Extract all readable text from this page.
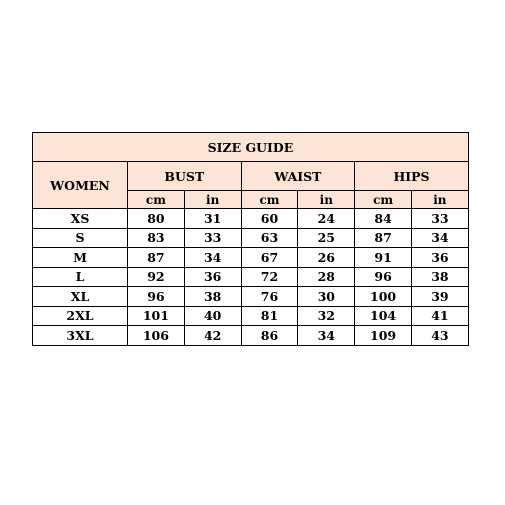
SIZE GUIDE						
WOMEN	BUST		WAIST		HIPS	
	cm	in	cm	in	cm	in
XS	80	31	60	24	84	33
S	83	33	63	25	87	34
M	87	34	67	26	91	36
L	92	36	72	28	96	38
XL	96	38	76	30	100	39
2XL	101	40	81	32	104	41
3XL	106	42	86	34	109	43
